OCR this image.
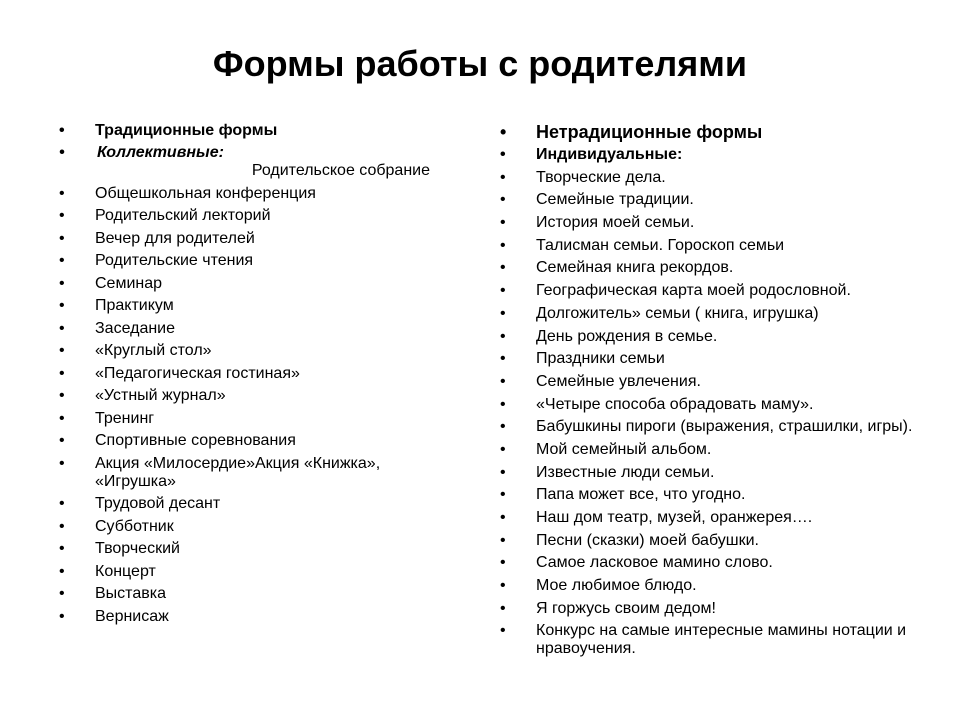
Формы работы с родителями
• Традиционные формы
• Коллективные:
Родительское собрание
• Общешкольная конференция
• Родительский лекторий
• Вечер для родителей
• Родительские чтения
• Семинар
• Практикум
• Заседание
• «Круглый стол»
• «Педагогическая гостиная»
• «Устный журнал»
• Тренинг
• Спортивные соревнования
• Акция «Милосердие»Акция «Книжка», «Игрушка»
• Трудовой десант
• Субботник
• Творческий
• Концерт
• Выставка
• Вернисаж
• Нетрадиционные формы
• Индивидуальные:
• Творческие дела.
• Семейные традиции.
• История моей семьи.
• Талисман семьи. Гороскоп семьи
• Семейная книга рекордов.
• Географическая карта моей родословной.
• Долгожитель» семьи ( книга, игрушка)
• День рождения в семье.
• Праздники семьи
• Семейные увлечения.
• «Четыре способа обрадовать маму».
• Бабушкины пироги (выражения, страшилки, игры).
• Мой семейный альбом.
• Известные люди семьи.
• Папа может все, что угодно.
• Наш дом театр, музей, оранжерея….
• Песни (сказки) моей бабушки.
• Самое ласковое мамино слово.
• Мое любимое блюдо.
• Я горжусь своим дедом!
• Конкурс на самые интересные мамины нотации и нравоучения.
